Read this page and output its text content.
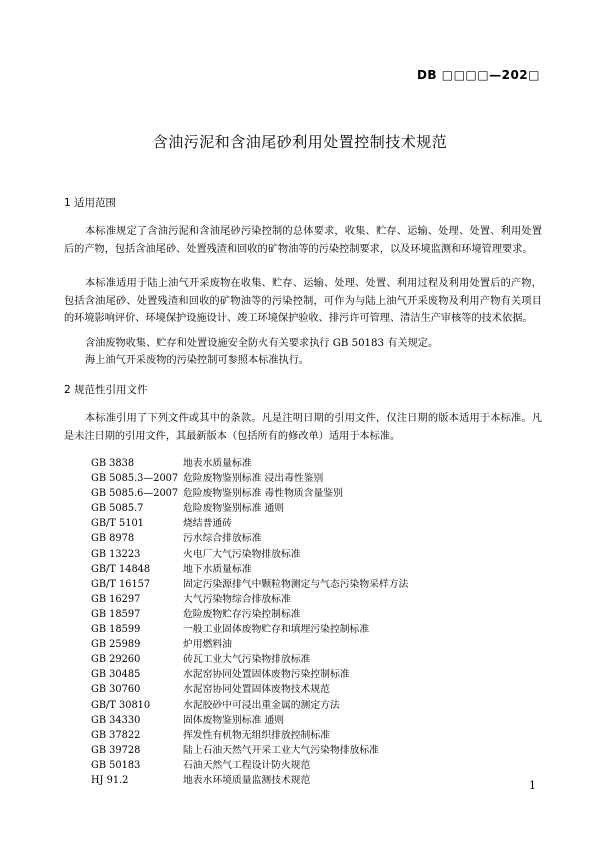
DB □□□□—202□
含油污泥和含油尾砂利用处置控制技术规范
1 适用范围

本标准规定了含油污泥和含油尾砂污染控制的总体要求，收集、贮存、运输、处理、处置、利用处置后的产物，包括含油尾砂、处置残渣和回收的矿物油等的污染控制要求，以及环境监测和环境管理要求。

本标准适用于陆上油气开采废物在收集、贮存、运输、处理、处置、利用过程及利用处置后的产物，包括含油尾砂、处置残渣和回收的矿物油等的污染控制，可作为与陆上油气开采废物及利用产物有关项目的环境影响评价、环境保护设施设计、竣工环境保护验收、排污许可管理、清洁生产审核等的技术依据。

含油废物收集、贮存和处置设施安全防火有关要求执行 GB 50183 有关规定。

海上油气开采废物的污染控制可参照本标准执行。

2 规范性引用文件

本标准引用了下列文件或其中的条款。凡是注明日期的引用文件，仅注日期的版本适用于本标准。凡是未注日期的引用文件，其最新版本（包括所有的修改单）适用于本标准。

GB 3838	地表水质量标准
GB 5085.3—2007 危险废物鉴别标准 浸出毒性鉴别
GB 5085.6—2007 危险废物鉴别标准 毒性物质含量鉴别
GB 5085.7	危险废物鉴别标准 通则
GB/T 5101	烧结普通砖
GB 8978	污水综合排放标准
GB 13223	火电厂大气污染物排放标准
GB/T 14848	地下水质量标准
GB/T 16157	固定污染源排气中颗粒物测定与气态污染物采样方法
GB 16297	大气污染物综合排放标准
GB 18597	危险废物贮存污染控制标准
GB 18599	一般工业固体废物贮存和填埋污染控制标准
GB 25989	炉用燃料油
GB 29260	砖瓦工业大气污染物排放标准
GB 30485	水泥窑协同处置固体废物污染控制标准
GB 30760	水泥窑协同处置固体废物技术规范
GB/T 30810	水泥胶砂中可浸出重金属的测定方法
GB 34330	固体废物鉴别标准 通则
GB 37822	挥发性有机物无组织排放控制标准
GB 39728	陆上石油天然气开采工业大气污染物排放标准
GB 50183	石油天然气工程设计防火规范
HJ 91.2	地表水环境质量监测技术规范	1
